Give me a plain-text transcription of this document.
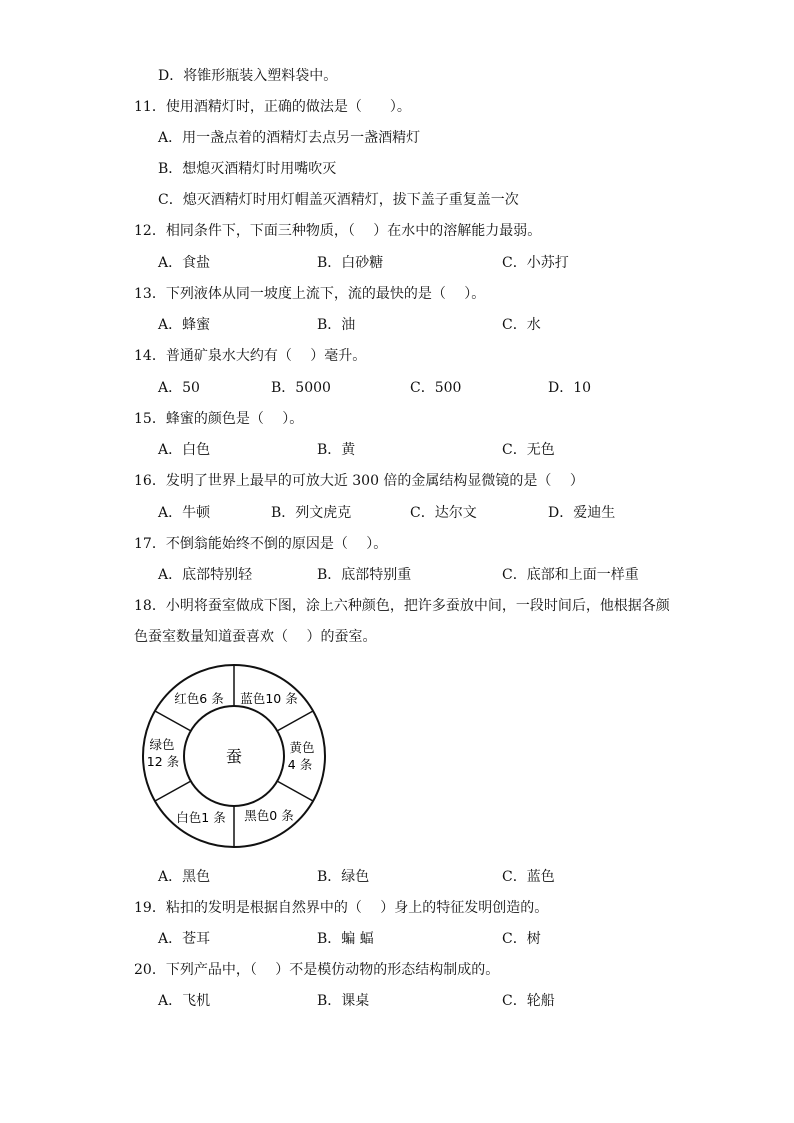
D．将锥形瓶装入塑料袋中。
11．使用酒精灯时，正确的做法是（　　）。
A．用一盏点着的酒精灯去点另一盏酒精灯
B．想熄灭酒精灯时用嘴吹灭
C．熄灭酒精灯时用灯帽盖灭酒精灯，拔下盖子重复盖一次
12．相同条件下，下面三种物质，（　 ）在水中的溶解能力最弱。
A．食盐	B．白砂糖	C．小苏打
13．下列液体从同一坡度上流下，流的最快的是（　 ）。
A．蜂蜜	B．油	C．水
14．普通矿泉水大约有（　 ）毫升。
A．50	B．5000	C．500	D．10
15．蜂蜜的颜色是（　 ）。
A．白色	B．黄	C．无色
16．发明了世界上最早的可放大近 300 倍的金属结构显微镜的是（　 ）
A．牛顿	B．列文虎克	C．达尔文	D．爱迪生
17．不倒翁能始终不倒的原因是（　 ）。
A．底部特别轻	B．底部特别重	C．底部和上面一样重
18．小明将蚕室做成下图，涂上六种颜色，把许多蚕放中间，一段时间后，他根据各颜
色蚕室数量知道蚕喜欢（　 ）的蚕室。
蚕
红色6 条 蓝色10 条
黄色
4 条
黑色0 条
白色1 条
绿色
12 条
A．黑色	B．绿色	C．蓝色
19．粘扣的发明是根据自然界中的（　 ）身上的特征发明创造的。
A．苍耳	B．蝙 蝠	C．树
20．下列产品中，（　 ）不是模仿动物的形态结构制成的。
A．飞机	B．课桌	C．轮船
